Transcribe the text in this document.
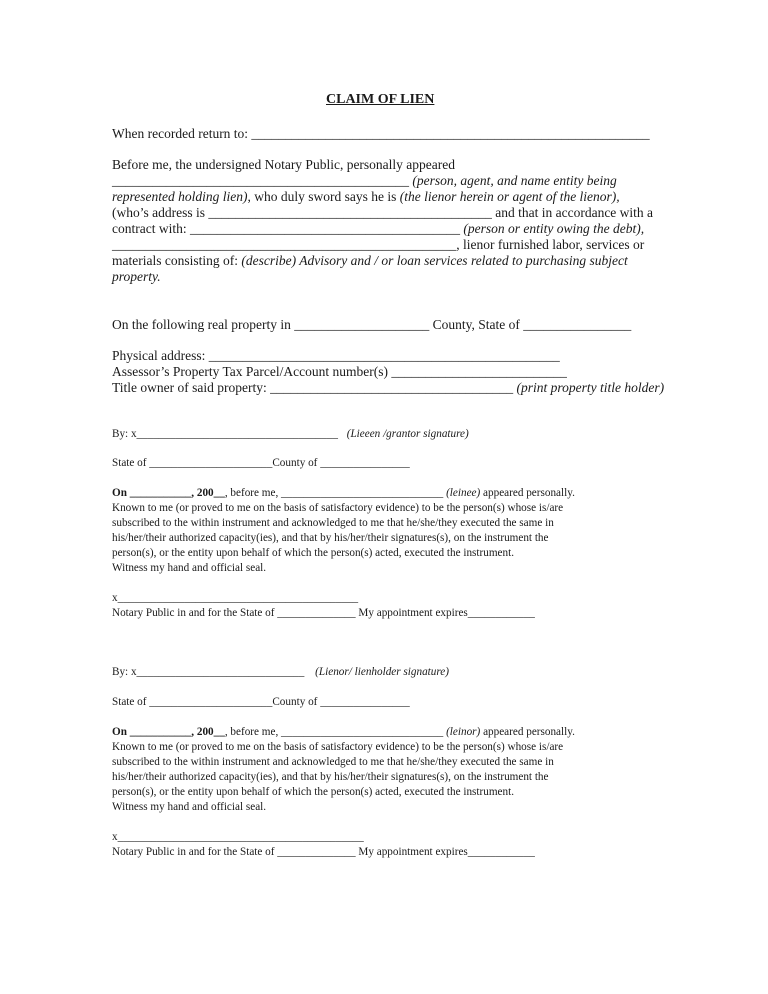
CLAIM OF LIEN
When recorded return to: ___________________________________________________________
Before me, the undersigned Notary Public, personally appeared
____________________________________________ (person, agent, and name entity being
represented holding lien), who duly sword says he is (the lienor herein or agent of the lienor),
(who’s address is __________________________________________ and that in accordance with a
contract with: ________________________________________ (person or entity owing the debt),
___________________________________________________, lienor furnished labor, services or
materials consisting of: (describe) Advisory and / or loan services related to purchasing subject
property.
On the following real property in ____________________ County, State of ________________
Physical address: ____________________________________________________
Assessor’s Property Tax Parcel/Account number(s) __________________________
Title owner of said property: ____________________________________ (print property title holder)
By: x____________________________________ (Lieeen /grantor signature)
State of ______________________County of ________________
On ___________, 200__, before me, _____________________________ (leinee) appeared personally.
Known to me (or proved to me on the basis of satisfactory evidence) to be the person(s) whose is/are
subscribed to the within instrument and acknowledged to me that he/she/they executed the same in
his/her/their authorized capacity(ies), and that by his/her/their signatures(s), on the instrument the
person(s), or the entity upon behalf of which the person(s) acted, executed the instrument.
Witness my hand and official seal.
x___________________________________________
Notary Public in and for the State of ______________ My appointment expires____________
By: x______________________________ (Lienor/ lienholder signature)
State of ______________________County of ________________
On ___________, 200__, before me, _____________________________ (leinor) appeared personally.
Known to me (or proved to me on the basis of satisfactory evidence) to be the person(s) whose is/are
subscribed to the within instrument and acknowledged to me that he/she/they executed the same in
his/her/their authorized capacity(ies), and that by his/her/their signatures(s), on the instrument the
person(s), or the entity upon behalf of which the person(s) acted, executed the instrument.
Witness my hand and official seal.
x____________________________________________
Notary Public in and for the State of ______________ My appointment expires____________
